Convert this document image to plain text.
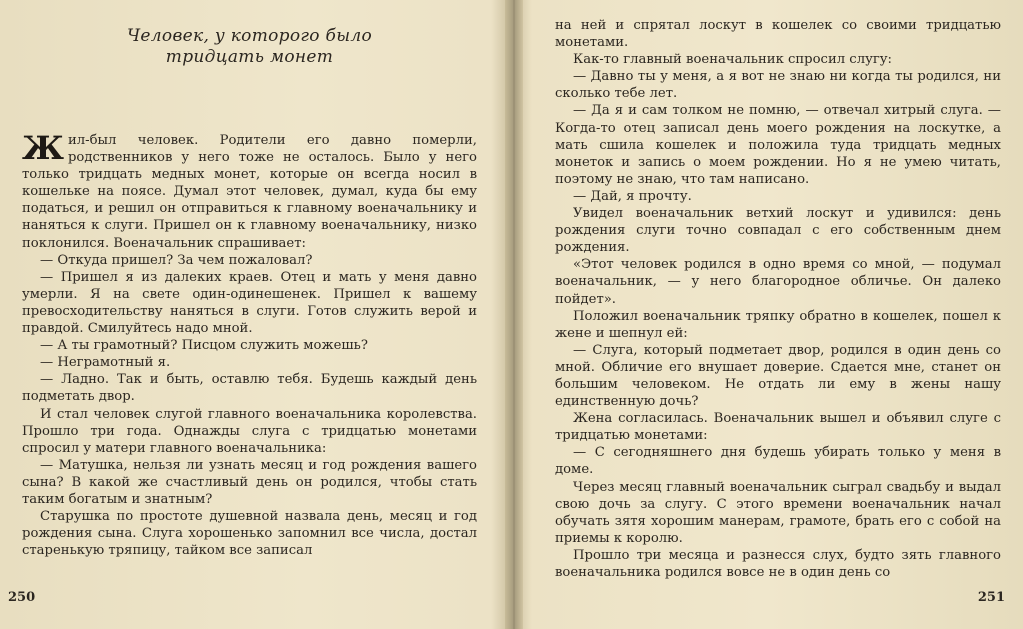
Человек, у которого было
тридцать монет

Жил-был человек. Родители его давно померли, родственников у него тоже не осталось. Было у него только тридцать медных монет, которые он всегда носил в кошельке на поясе. Думал этот человек, думал, куда бы ему податься, и решил он отправиться к главному военачальнику и наняться к слуги. Пришел он к главному военачальнику, низко поклонился. Военачальник спрашивает:

— Откуда пришел? За чем пожаловал?

— Пришел я из далеких краев. Отец и мать у меня давно умерли. Я на свете один-одинешенек. Пришел к вашему превосходительству наняться в слуги. Готов служить верой и правдой. Смилуйтесь надо мной.

— А ты грамотный? Писцом служить можешь?

— Неграмотный я.

— Ладно. Так и быть, оставлю тебя. Будешь каждый день подметать двор.

И стал человек слугой главного военачальника королевства. Прошло три года. Однажды слуга с тридцатью монетами спросил у матери главного военачальника:

— Матушка, нельзя ли узнать месяц и год рождения вашего сына? В какой же счастливый день он родился, чтобы стать таким богатым и знатным?

Старушка по простоте душевной назвала день, месяц и год рождения сына. Слуга хорошенько запомнил все числа, достал старенькую тряпицу, тайком все записал

250

на ней и спрятал лоскут в кошелек со своими тридцатью монетами.

Как-то главный военачальник спросил слугу:

— Давно ты у меня, а я вот не знаю ни когда ты родился, ни сколько тебе лет.

— Да я и сам толком не помню, — отвечал хитрый слуга. — Когда-то отец записал день моего рождения на лоскутке, а мать сшила кошелек и положила туда тридцать медных монеток и запись о моем рождении. Но я не умею читать, поэтому не знаю, что там написано.

— Дай, я прочту.

Увидел военачальник ветхий лоскут и удивился: день рождения слуги точно совпадал с его собственным днем рождения.

«Этот человек родился в одно время со мной, — подумал военачальник, — у него благородное обличье. Он далеко пойдет».

Положил военачальник тряпку обратно в кошелек, пошел к жене и шепнул ей:

— Слуга, который подметает двор, родился в один день со мной. Обличие его внушает доверие. Сдается мне, станет он большим человеком. Не отдать ли ему в жены нашу единственную дочь?

Жена согласилась. Военачальник вышел и объявил слуге с тридцатью монетами:

— С сегодняшнего дня будешь убирать только у меня в доме.

Через месяц главный военачальник сыграл свадьбу и выдал свою дочь за слугу. С этого времени военачальник начал обучать зятя хорошим манерам, грамоте, брать его с собой на приемы к королю.

Прошло три месяца и разнесся слух, будто зять главного военачальника родился вовсе не в один день со

251
